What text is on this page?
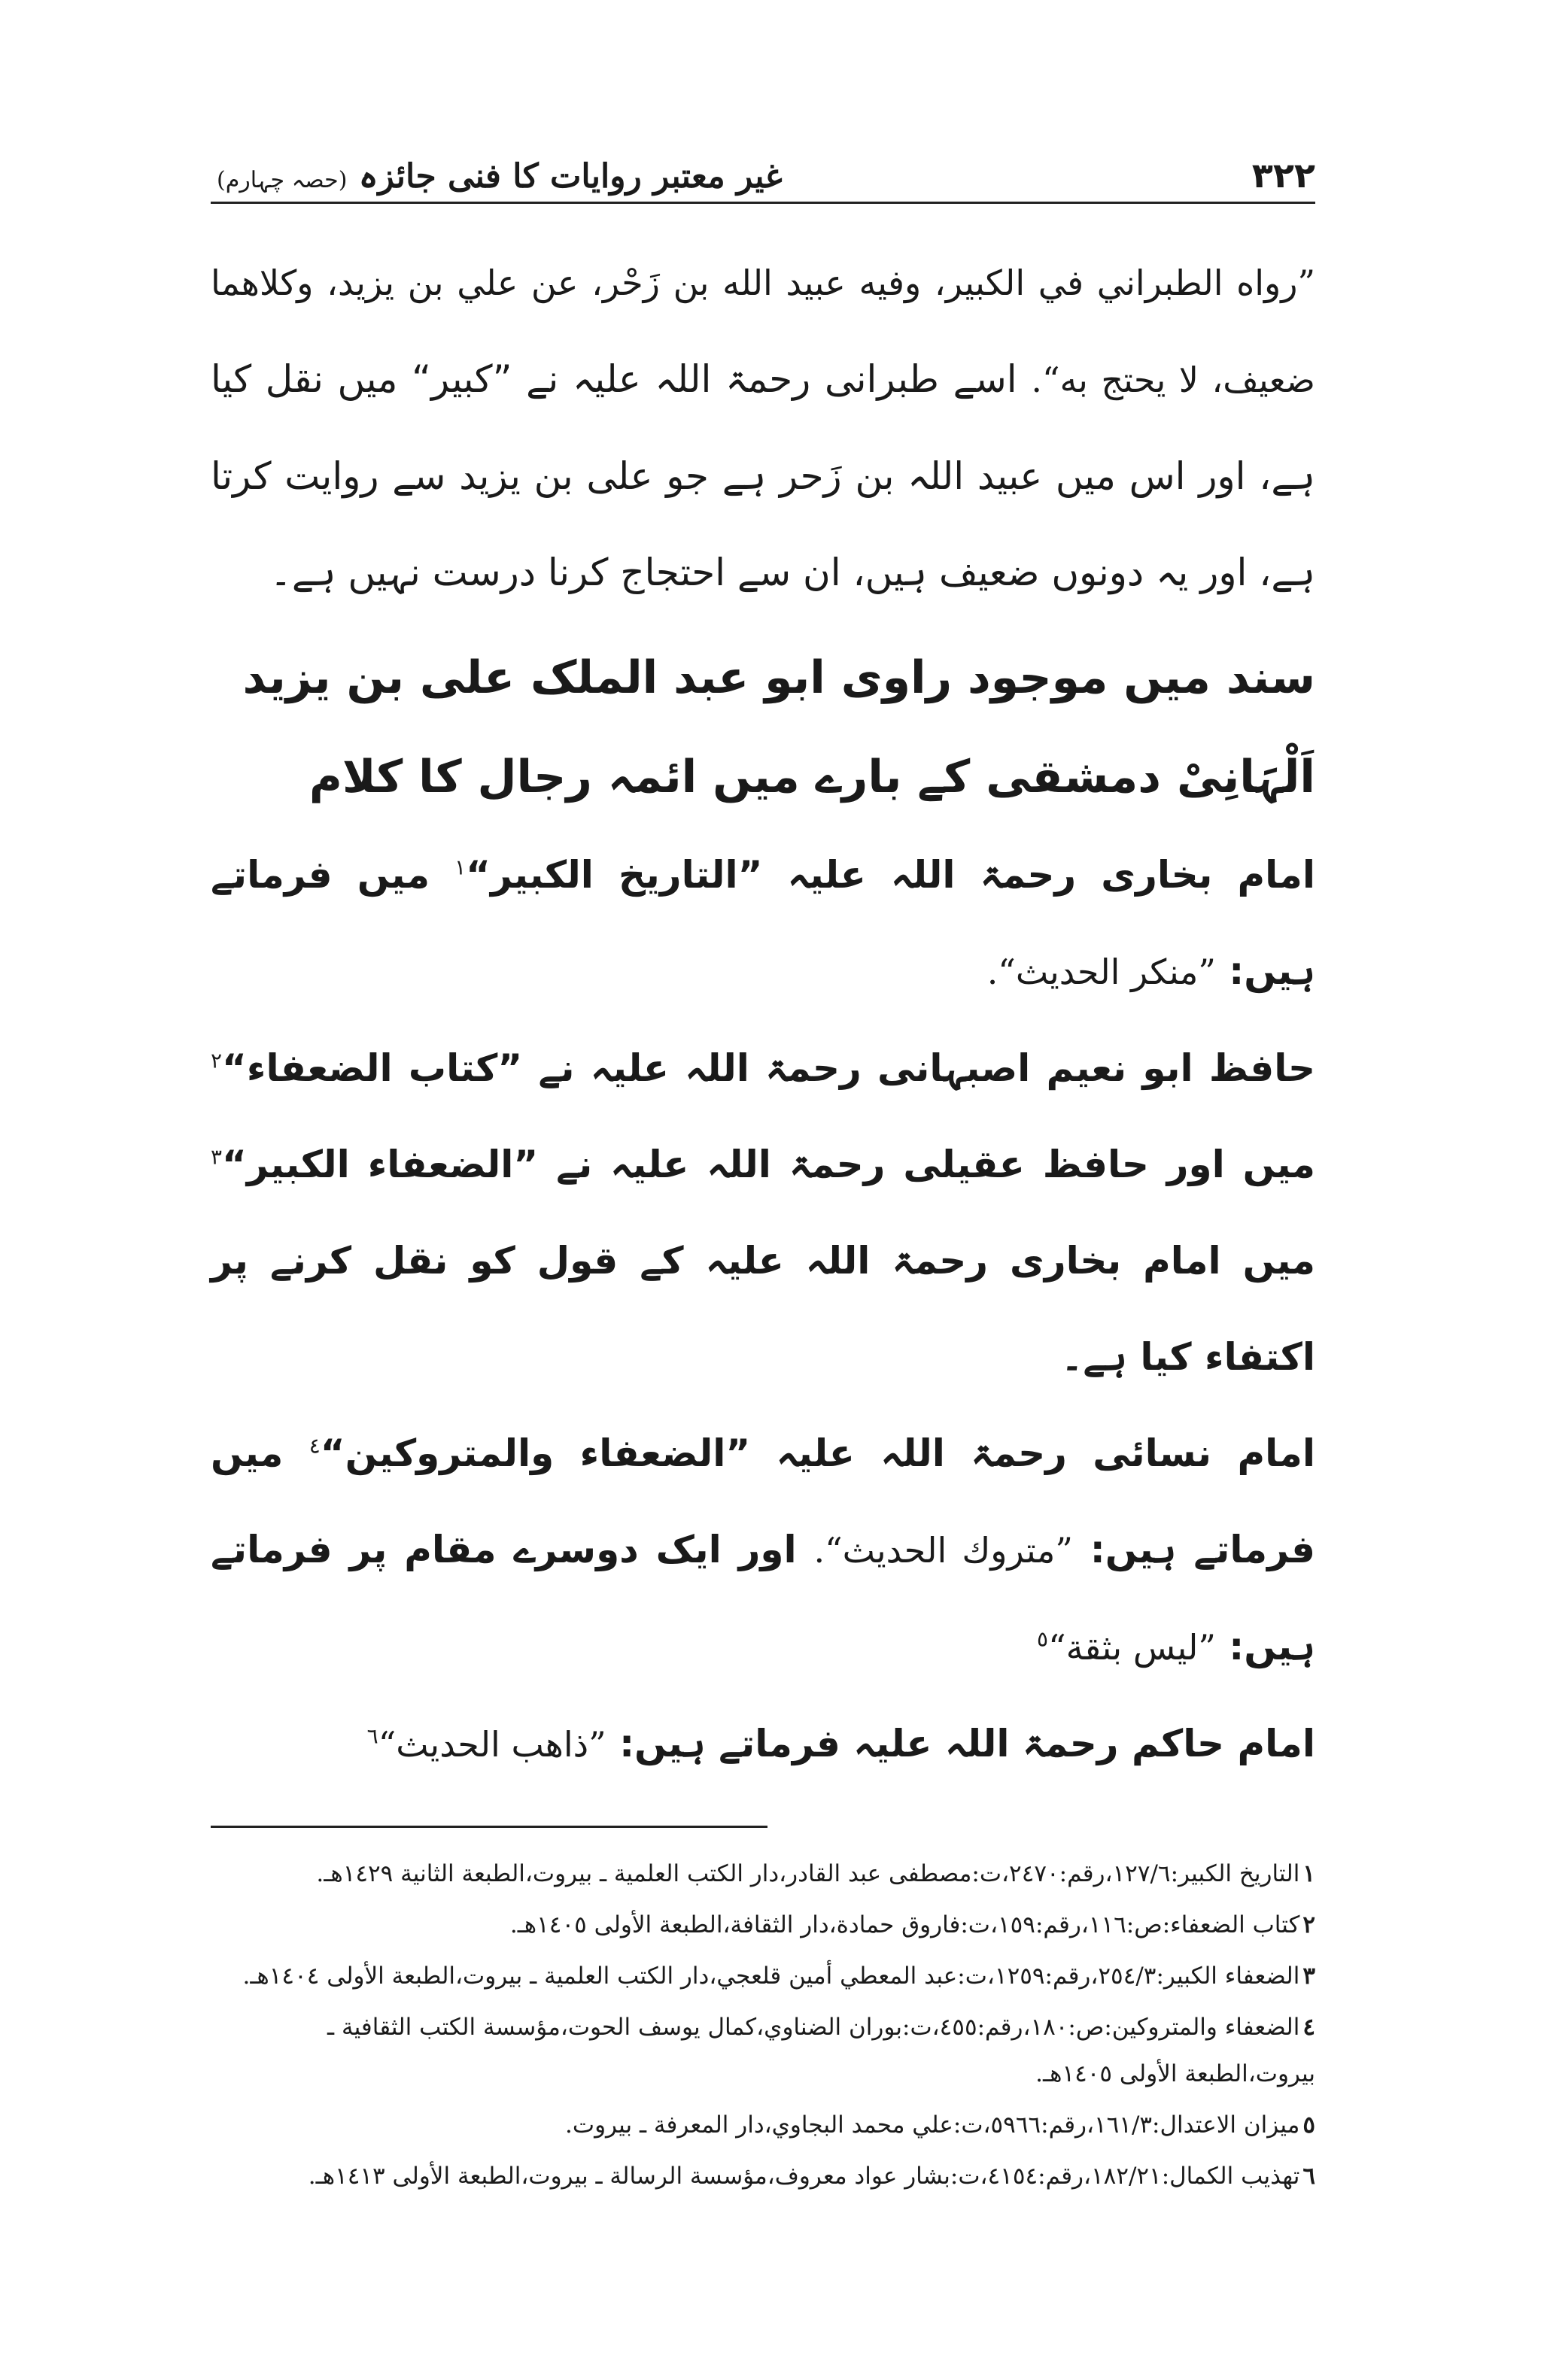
٣٢٢
غیر معتبر روایات کا فنی جائزہ (حصہ چہارم)

”رواه الطبراني في الكبير، وفيه عبيد الله بن زَحْر، عن علي بن يزيد، وكلاهما ضعيف، لا يحتج به“. اسے طبرانی رحمۃ اللہ علیہ نے ”کبیر“ میں نقل کیا ہے، اور اس میں عبید اللہ بن زَحر ہے جو علی بن یزید سے روایت کرتا ہے، اور یہ دونوں ضعیف ہیں، ان سے احتجاج کرنا درست نہیں ہے۔

سند میں موجود راوی ابو عبد الملک علی بن یزید اَلْہَانِیْ دمشقی کے بارے میں ائمہ رجال کا کلام

امام بخاری رحمۃ اللہ علیہ ”التاریخ الکبیر“$^١$ میں فرماتے ہیں: ”منكر الحديث“.

حافظ ابو نعیم اصبہانی رحمۃ اللہ علیہ نے ”كتاب الضعفاء“$^٢$ میں اور حافظ عقیلی رحمۃ اللہ علیہ نے ”الضعفاء الكبير“$^٣$ میں امام بخاری رحمۃ اللہ علیہ کے قول کو نقل کرنے پر اکتفاء کیا ہے۔

امام نسائی رحمۃ اللہ علیہ ”الضعفاء والمتروكين“$^٤$ میں فرماتے ہیں: ”متروك الحديث“. اور ایک دوسرے مقام پر فرماتے ہیں: ”ليس بثقة“$^٥$

امام حاکم رحمۃ اللہ علیہ فرماتے ہیں: ”ذاهب الحديث“$^٦$

١التاريخ الكبير:١٢٧/٦،رقم:٢٤٧٠،ت:مصطفى عبد القادر،دار الكتب العلمية ـ بيروت،الطبعة الثانية ١٤٢٩هـ.

٢كتاب الضعفاء:ص:١١٦،رقم:١٥٩،ت:فاروق حمادة،دار الثقافة،الطبعة الأولى ١٤٠٥هـ.

٣الضعفاء الكبير:٢٥٤/٣،رقم:١٢٥٩،ت:عبد المعطي أمين قلعجي،دار الكتب العلمية ـ بيروت،الطبعة الأولى ١٤٠٤هـ.

٤الضعفاء والمتروكين:ص:١٨٠،رقم:٤٥٥،ت:بوران الضناوي،كمال يوسف الحوت،مؤسسة الكتب الثقافية ـ بيروت،الطبعة الأولى ١٤٠٥هـ.

٥ميزان الاعتدال:١٦١/٣،رقم:٥٩٦٦،ت:علي محمد البجاوي،دار المعرفة ـ بيروت.

٦تهذيب الكمال:١٨٢/٢١،رقم:٤١٥٤،ت:بشار عواد معروف،مؤسسة الرسالة ـ بيروت،الطبعة الأولى ١٤١٣هـ.
